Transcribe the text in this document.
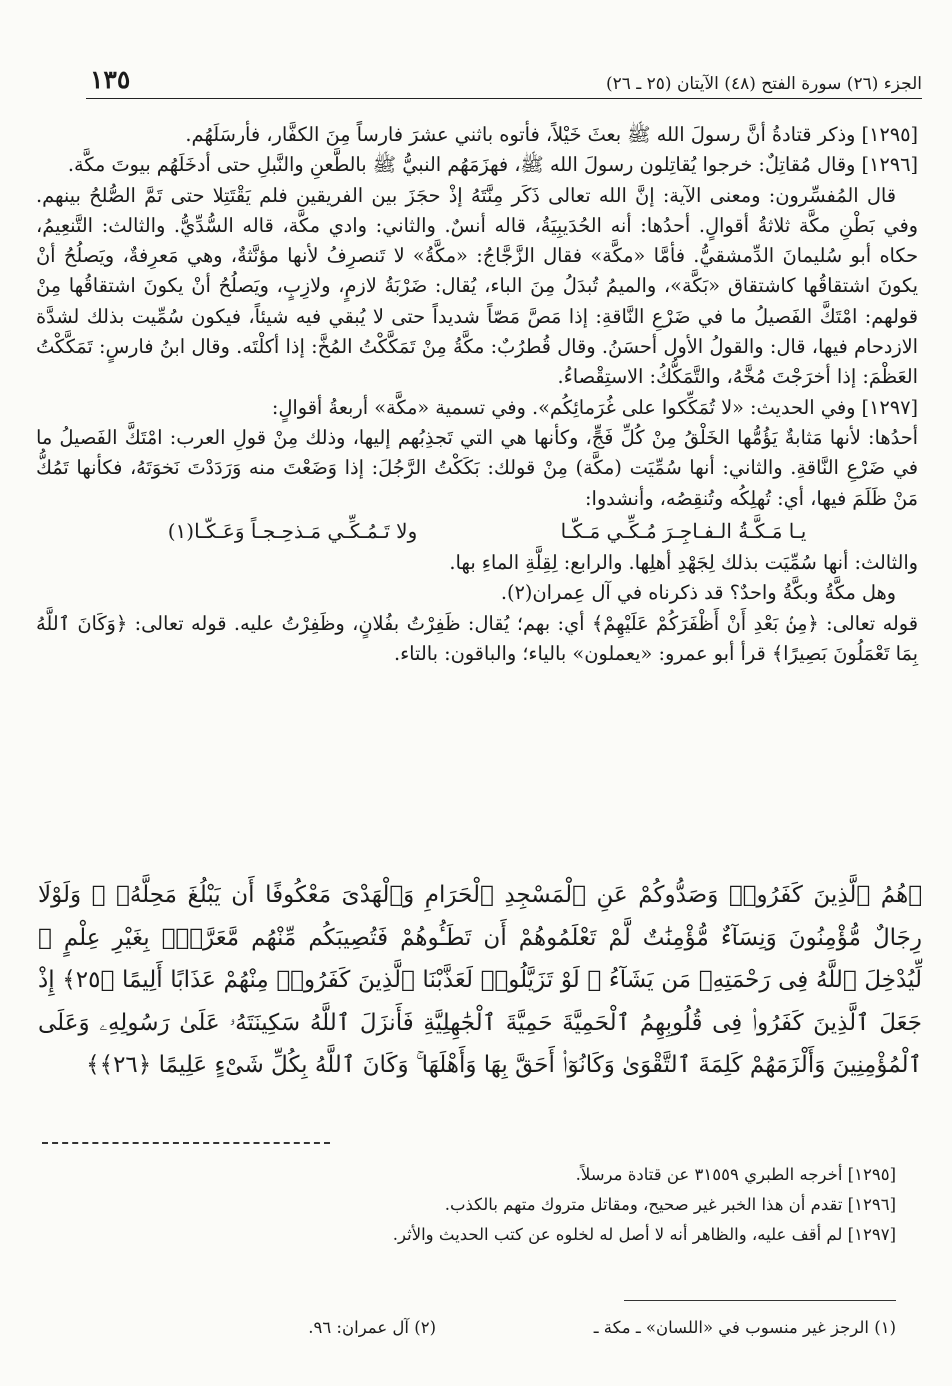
الجزء (٢٦) سورة الفتح (٤٨) الآيتان (٢٥ ـ ٢٦)
١٣٥

[١٢٩٥] وذكر قتادةُ أنَّ رسولَ الله ﷺ بعثَ خَيْلاً، فأتوه باثني عشرَ فارساً مِنَ الكفَّار، فأرسَلَهُم.

[١٢٩٦] وقال مُقاتِلٌ: خرجوا يُقاتِلون رسولَ الله ﷺ، فهزَمَهُم النبيُّ ﷺ بالطَّعنِ والنَّبلِ حتى أدخَلَهُم بيوتَ مكَّة.

قال المُفسِّرون: ومعنى الآية: إنَّ الله تعالى ذَكَر مِنَّتَهُ إذْ حجَزَ بين الفريقين فلم يَقْتَتِلا حتى تَمَّ الصُّلحُ بينهم. وفي بَطْنِ مكَّة ثلاثةُ أقوالٍ. أحدُها: أنه الحُدَيبِيَةُ، قاله أنسٌ. والثاني: وادي مكَّة، قاله السُّدِّيُّ. والثالث: التَّنعِيمُ، حكاه أبو سُليمانَ الدِّمشقيُّ. فأمَّا «مكَّة» فقال الزَّجَّاجُ: «مكَّةُ» لا تَنصرِفُ لأنها مؤنَّثةٌ، وهي مَعرِفةٌ، ويَصلُحُ أنْ يكونَ اشتقاقُها كاشتقاق «بَكَّة»، والميمُ تُبدَلُ مِنَ الباء، يُقال: ضَرْبَةُ لازمٍ، ولازِبٍ، ويَصلُحُ أنْ يكونَ اشتقاقُها مِنْ قولهم: امْتَكَّ الفَصيلُ ما في ضَرْعِ النَّاقةِ: إذا مَصَّ مَصّاً شديداً حتى لا يُبقي فيه شيئاً، فيكون سُمِّيت بذلك لشدَّة الازدحام فيها، قال: والقولُ الأول أحسَنُ. وقال قُطرُبٌ: مكَّةُ مِنْ تَمَكَّكْتُ المُخَّ: إذا أكلْتَه. وقال ابنُ فارسٍ: تَمَكَّكْتُ العَظْمَ: إذا أخرَجْتَ مُخَّهُ، والتَّمَكُّكُ: الاستِقْصاءُ.

[١٢٩٧] وفي الحديث: «لا تُمَكِّكوا على غُرَمائِكُم». وفي تسمية «مكَّة» أربعةُ أقوالٍ:

أحدُها: لأنها مَثابةٌ يَؤُمُّها الخَلْقُ مِنْ كُلِّ فَجٍّ، وكأنها هي التي تَجذِبُهم إليها، وذلك مِنْ قولِ العرب: امْتَكَّ الفَصيلُ ما في ضَرْعِ النَّاقةِ. والثاني: أنها سُمِّيَت (مكَّة) مِنْ قولك: بَكَكْتُ الرَّجُلَ: إذا وَضَعْتَ منه وَرَدَدْتَ نَخوَتَهُ، فكأنها تَمُكُّ مَنْ ظَلَمَ فيها، أي: تُهلِكُه وتُنقِصُه، وأنشدوا:

يـا مَـكَّـةُ الـفـاجِـرَ مُـكِّـي مَـكّـا
ولا تَـمُـكِّـي مَـذحِـجـاً وَعَـكّـا(١)

والثالث: أنها سُمِّيَت بذلك لِجَهْدِ أهلِها. والرابع: لِقِلَّةِ الماءِ بها.

وهل مكَّةُ وبكَّةُ واحدٌ؟ قد ذكرناه في آل عِمران(٢).

قوله تعالى: ﴿مِنۢ بَعْدِ أَنْ أَظْفَرَكُمْ عَلَيْهِمْ﴾ أي: بهم؛ يُقال: ظَفِرْتُ بفُلانٍ، وظَفِرْتُ عليه. قوله تعالى: ﴿وَكَانَ ٱللَّهُ بِمَا تَعْمَلُونَ بَصِيرًا﴾ قرأ أبو عمرو: «يعملون» بالياء؛ والباقون: بالتاء.

﴿هُمُ ٱلَّذِينَ كَفَرُوا۟ وَصَدُّوكُمْ عَنِ ٱلْمَسْجِدِ ٱلْحَرَامِ وَٱلْهَدْىَ مَعْكُوفًا أَن يَبْلُغَ مَحِلَّهُۥ ۚ وَلَوْلَا رِجَالٌ مُّؤْمِنُونَ وَنِسَآءٌ مُّؤْمِنَٰتٌ لَّمْ تَعْلَمُوهُمْ أَن تَطَـُٔوهُمْ فَتُصِيبَكُم مِّنْهُم مَّعَرَّةٌۢ بِغَيْرِ عِلْمٍ ۖ لِّيُدْخِلَ ٱللَّهُ فِى رَحْمَتِهِۦ مَن يَشَآءُ ۚ لَوْ تَزَيَّلُوا۟ لَعَذَّبْنَا ٱلَّذِينَ كَفَرُوا۟ مِنْهُمْ عَذَابًا أَلِيمًا ﴿٢٥﴾ إِذْ جَعَلَ ٱلَّذِينَ كَفَرُوا۟ فِى قُلُوبِهِمُ ٱلْحَمِيَّةَ حَمِيَّةَ ٱلْجَٰهِلِيَّةِ فَأَنزَلَ ٱللَّهُ سَكِينَتَهُۥ عَلَىٰ رَسُولِهِۦ وَعَلَى ٱلْمُؤْمِنِينَ وَأَلْزَمَهُمْ كَلِمَةَ ٱلتَّقْوَىٰ وَكَانُوٓا۟ أَحَقَّ بِهَا وَأَهْلَهَا ۚ وَكَانَ ٱللَّهُ بِكُلِّ شَىْءٍ عَلِيمًا ﴿٢٦﴾﴾

[١٢٩٥] أخرجه الطبري ٣١٥٥٩ عن قتادة مرسلاً.

[١٢٩٦] تقدم أن هذا الخبر غير صحيح، ومقاتل متروك متهم بالكذب.

[١٢٩٧] لم أقف عليه، والظاهر أنه لا أصل له لخلوه عن كتب الحديث والأثر.

(١) الرجز غير منسوب في «اللسان» ـ مكة ـ
(٢) آل عمران: ٩٦.
